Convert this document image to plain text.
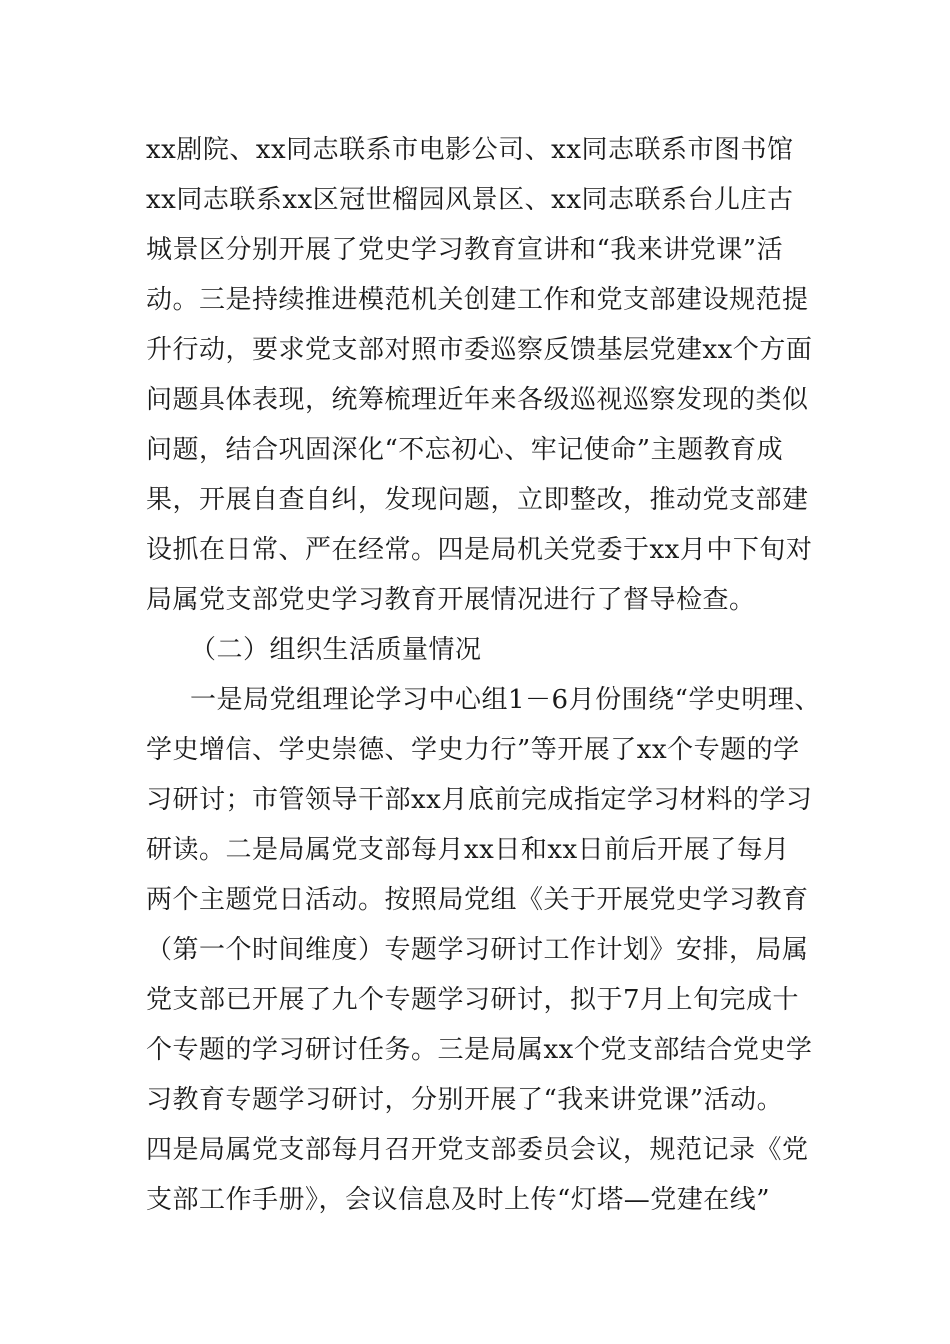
xx剧院、xx同志联系市电影公司、xx同志联系市图书馆
xx同志联系xx区冠世榴园风景区、xx同志联系台儿庄古
城景区分别开展了党史学习教育宣讲和“我来讲党课”活
动。三是持续推进模范机关创建工作和党支部建设规范提
升行动，要求党支部对照市委巡察反馈基层党建xx个方面
问题具体表现，统筹梳理近年来各级巡视巡察发现的类似
问题，结合巩固深化“不忘初心、牢记使命”主题教育成
果，开展自查自纠，发现问题，立即整改，推动党支部建
设抓在日常、严在经常。四是局机关党委于xx月中下旬对
局属党支部党史学习教育开展情况进行了督导检查。
（二）组织生活质量情况
一是局党组理论学习中心组1－6月份围绕“学史明理、
学史增信、学史崇德、学史力行”等开展了xx个专题的学
习研讨；市管领导干部xx月底前完成指定学习材料的学习
研读。二是局属党支部每月xx日和xx日前后开展了每月
两个主题党日活动。按照局党组《关于开展党史学习教育
（第一个时间维度）专题学习研讨工作计划》安排，局属
党支部已开展了九个专题学习研讨，拟于7月上旬完成十
个专题的学习研讨任务。三是局属xx个党支部结合党史学
习教育专题学习研讨，分别开展了“我来讲党课”活动。
四是局属党支部每月召开党支部委员会议，规范记录《党
支部工作手册》，会议信息及时上传“灯塔—党建在线”
